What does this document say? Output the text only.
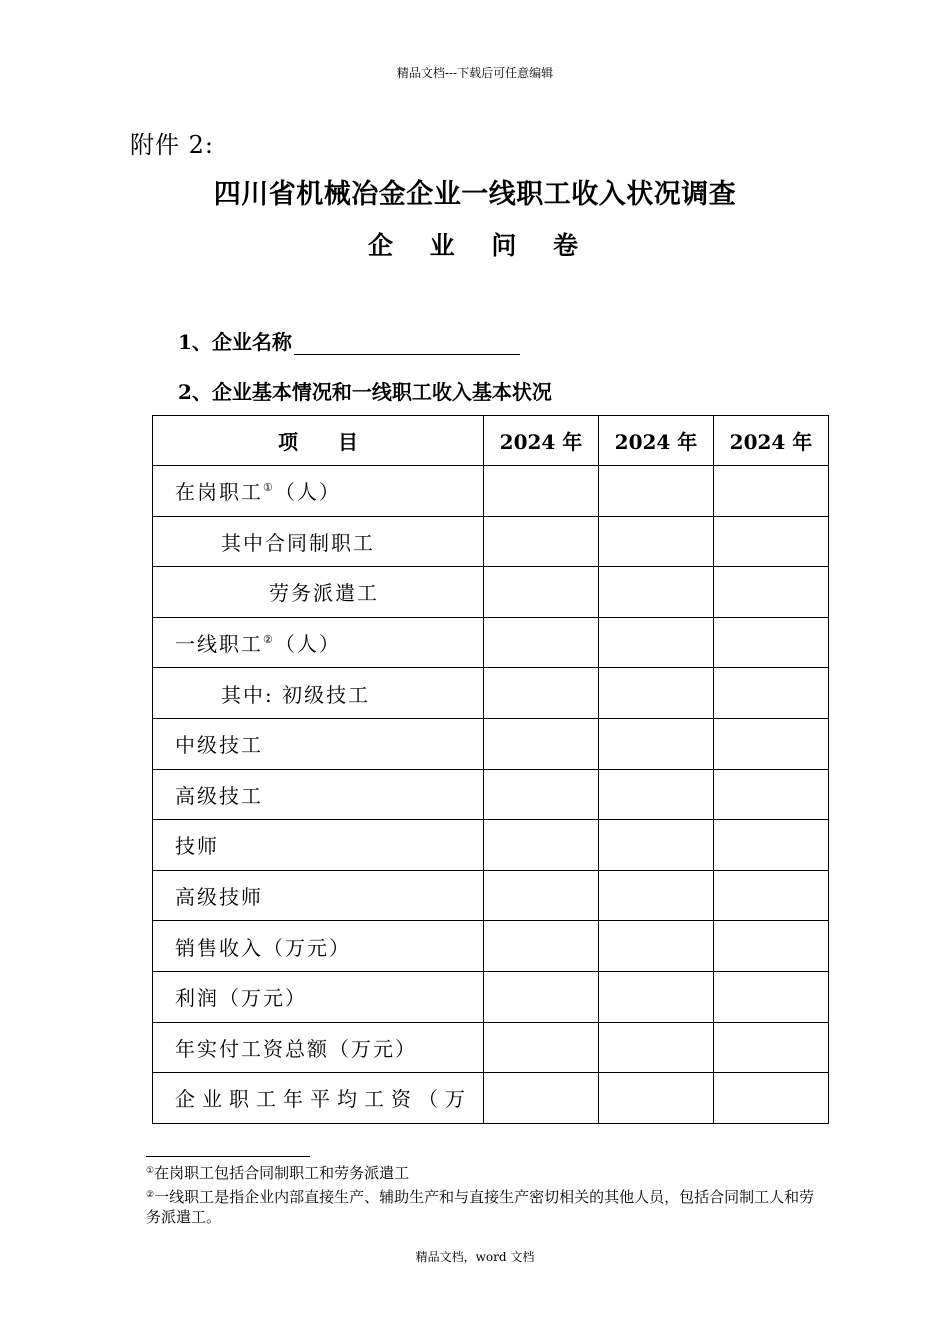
精品文档---下载后可任意编辑
附件 2:
四川省机械冶金企业一线职工收入状况调查
企 业 问 卷
1、企业名称
2、企业基本情况和一线职工收入基本状况
项　　目	2024 年	2024 年	2024 年
在岗职工①（人）			
其中合同制职工			
劳务派遣工			
一线职工②（人）			
其中: 初级技工			
中级技工			
高级技工			
技师			
高级技师			
销售收入（万元）			
利润（万元）			
年实付工资总额（万元）			
企业职工年平均工资（万			
①在岗职工包括合同制职工和劳务派遣工
②一线职工是指企业内部直接生产、辅助生产和与直接生产密切相关的其他人员，包括合同制工人和劳务派遣工。
精品文档，word 文档
